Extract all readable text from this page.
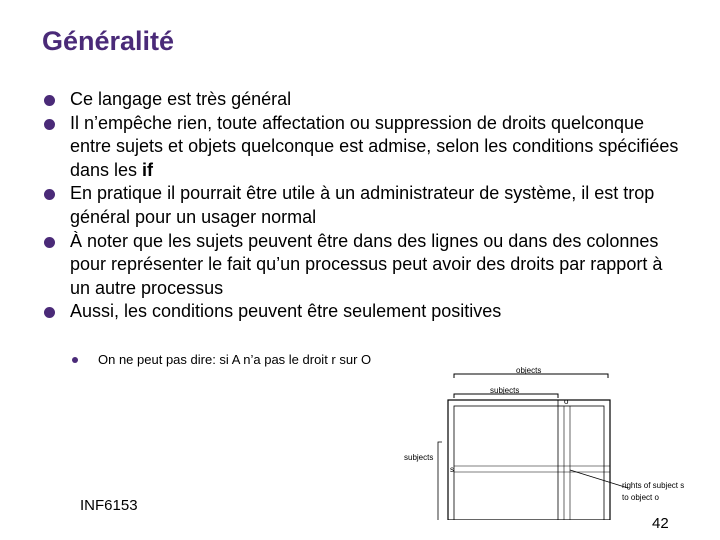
Généralité
Ce langage est très général
Il n’empêche rien, toute affectation ou suppression de droits quelconque entre sujets et objets quelconque est admise, selon les conditions spécifiées dans les if
En pratique il pourrait être utile à un administrateur de système, il est trop général pour un usager normal
À noter que les sujets peuvent être dans des lignes ou dans des colonnes pour représenter le fait qu’un processus peut avoir des droits par rapport à un autre processus
Aussi, les conditions peuvent être seulement positives
On ne peut pas dire: si A n’a pas le droit r sur O
objects
subjects
o
s
subjects
rights of subject s
to object o
INF6153
42
